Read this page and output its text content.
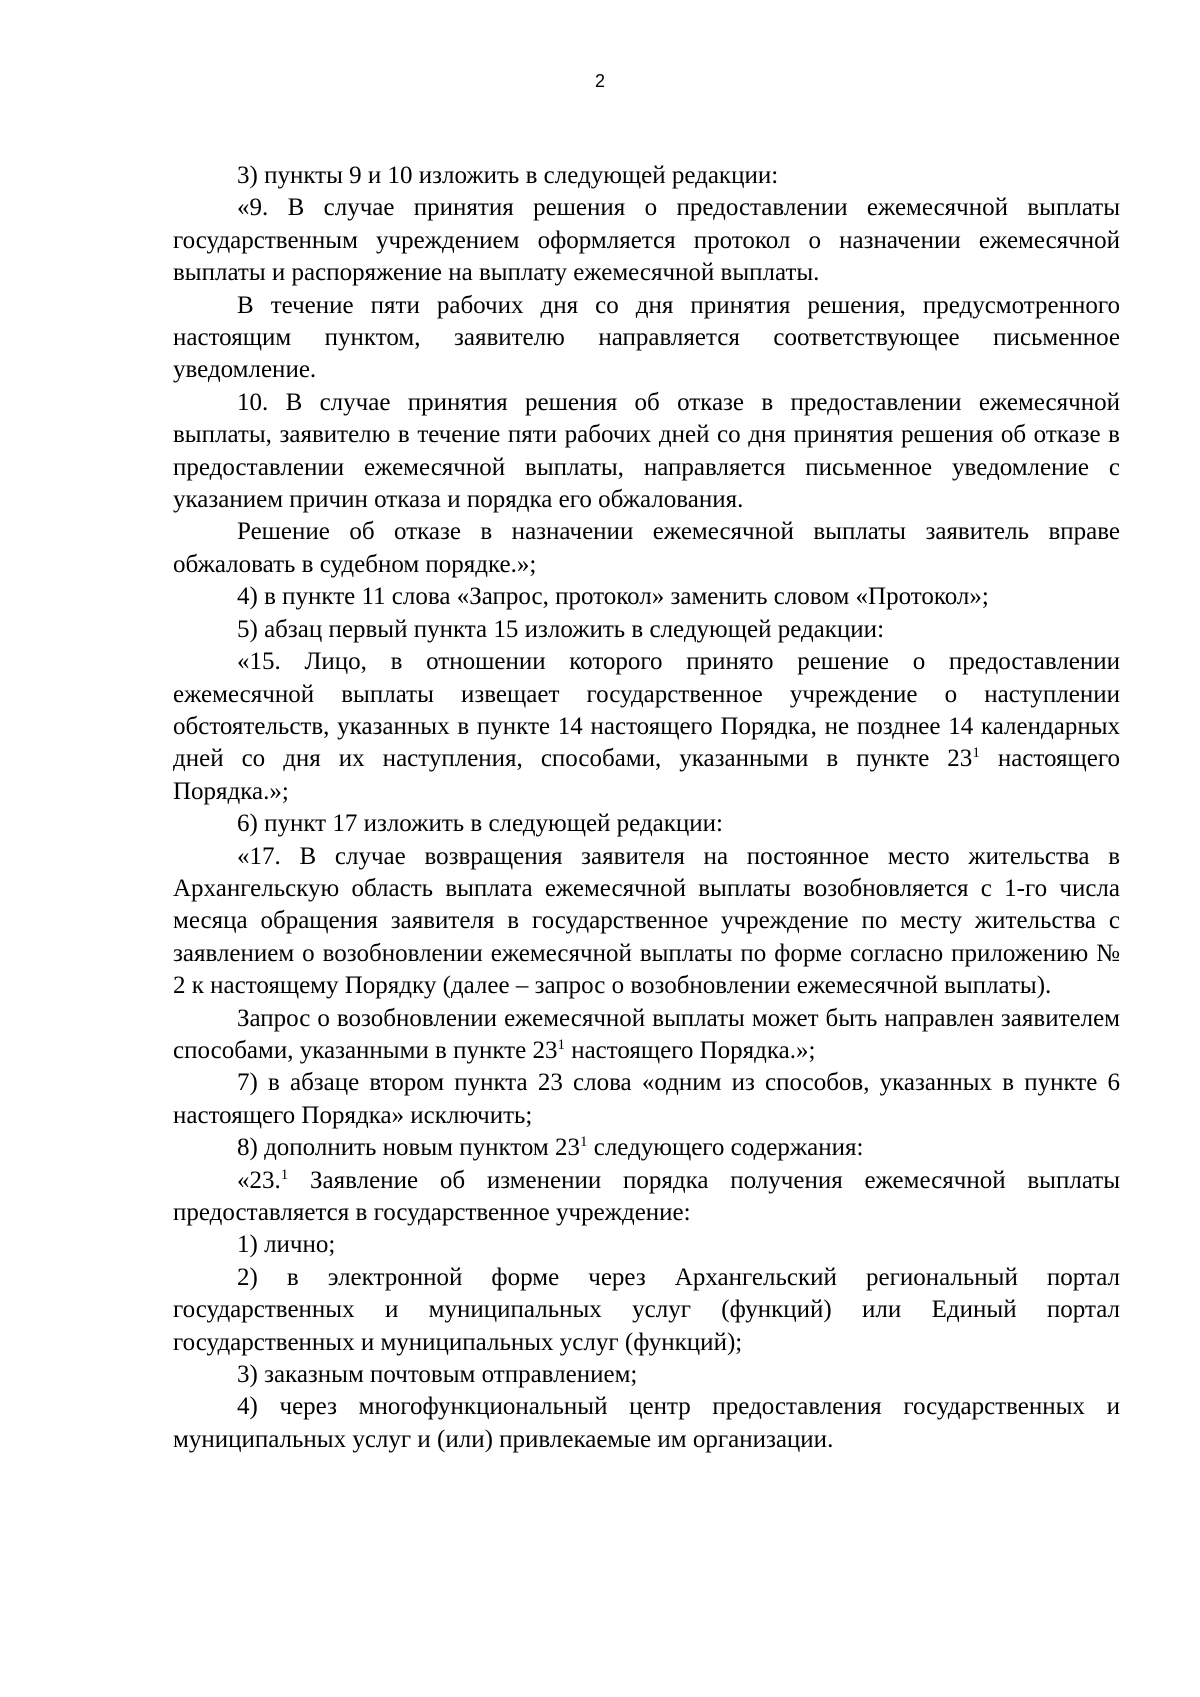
2

3) пункты 9 и 10 изложить в следующей редакции:

«9. В случае принятия решения о предоставлении ежемесячной выплаты государственным учреждением оформляется протокол о назначении ежемесячной выплаты и распоряжение на выплату ежемесячной выплаты.

В течение пяти рабочих дня со дня принятия решения, предусмотренного настоящим пунктом, заявителю направляется соответствующее письменное уведомление.

10. В случае принятия решения об отказе в предоставлении ежемесячной выплаты, заявителю в течение пяти рабочих дней со дня принятия решения об отказе в предоставлении ежемесячной выплаты, направляется письменное уведомление с указанием причин отказа и порядка его обжалования.

Решение об отказе в назначении ежемесячной выплаты заявитель вправе обжаловать в судебном порядке.»;

4) в пункте 11 слова «Запрос, протокол» заменить словом «Протокол»;

5) абзац первый пункта 15 изложить в следующей редакции:

«15. Лицо, в отношении которого принято решение о предоставлении ежемесячной выплаты извещает государственное учреждение о наступлении обстоятельств, указанных в пункте 14 настоящего Порядка, не позднее 14 календарных дней со дня их наступления, способами, указанными в пункте $23^1$ настоящего Порядка.»;

6) пункт 17 изложить в следующей редакции:

«17. В случае возвращения заявителя на постоянное место жительства в Архангельскую область выплата ежемесячной выплаты возобновляется с 1-го числа месяца обращения заявителя в государственное учреждение по месту жительства с заявлением о возобновлении ежемесячной выплаты по форме согласно приложению № 2 к настоящему Порядку (далее – запрос о возобновлении ежемесячной выплаты).

Запрос о возобновлении ежемесячной выплаты может быть направлен заявителем способами, указанными в пункте $23^1$ настоящего Порядка.»;

7) в абзаце втором пункта 23 слова «одним из способов, указанных в пункте 6 настоящего Порядка» исключить;

8) дополнить новым пунктом $23^1$ следующего содержания:

«23.$^1$ Заявление об изменении порядка получения ежемесячной выплаты предоставляется в государственное учреждение:

1) лично;

2) в электронной форме через Архангельский региональный портал государственных и муниципальных услуг (функций) или Единый портал государственных и муниципальных услуг (функций);

3) заказным почтовым отправлением;

4) через многофункциональный центр предоставления государственных и муниципальных услуг и (или) привлекаемые им организации.
